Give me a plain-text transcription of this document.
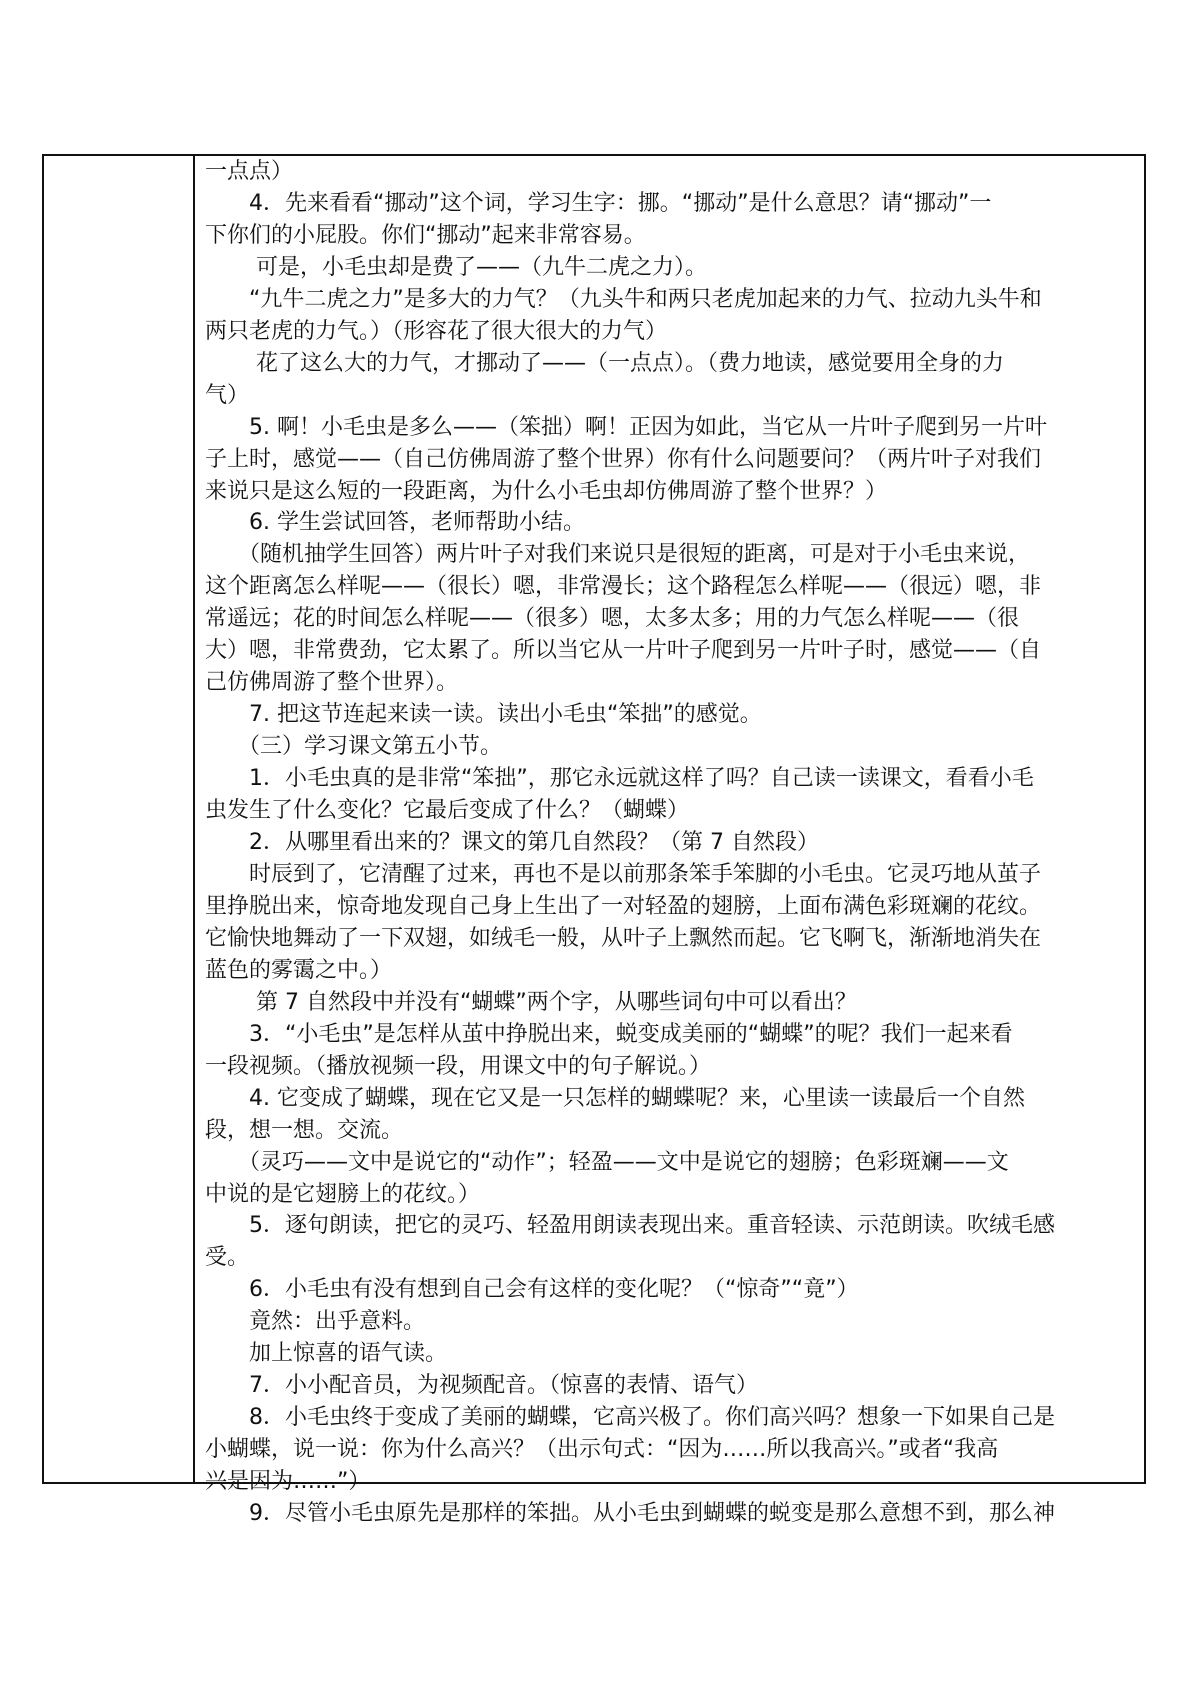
一点点）

　　4．先来看看“挪动”这个词，学习生字：挪。“挪动”是什么意思？请“挪动”一

下你们的小屁股。你们“挪动”起来非常容易。

　　 可是，小毛虫却是费了——（九牛二虎之力）。

　　“九牛二虎之力”是多大的力气？（九头牛和两只老虎加起来的力气、拉动九头牛和

两只老虎的力气。）（形容花了很大很大的力气）

　　 花了这么大的力气，才挪动了——（一点点）。（费力地读，感觉要用全身的力

气）

　　5. 啊！小毛虫是多么——（笨拙）啊！正因为如此，当它从一片叶子爬到另一片叶

子上时，感觉——（自己仿佛周游了整个世界）你有什么问题要问？（两片叶子对我们

来说只是这么短的一段距离，为什么小毛虫却仿佛周游了整个世界？）

　　6. 学生尝试回答，老师帮助小结。

　　（随机抽学生回答）两片叶子对我们来说只是很短的距离，可是对于小毛虫来说，

这个距离怎么样呢——（很长）嗯，非常漫长；这个路程怎么样呢——（很远）嗯，非

常遥远；花的时间怎么样呢——（很多）嗯，太多太多；用的力气怎么样呢——（很

大）嗯，非常费劲，它太累了。所以当它从一片叶子爬到另一片叶子时，感觉——（自

己仿佛周游了整个世界）。

　　7. 把这节连起来读一读。读出小毛虫“笨拙”的感觉。

　　（三）学习课文第五小节。

　　1．小毛虫真的是非常“笨拙”，那它永远就这样了吗？自己读一读课文，看看小毛

虫发生了什么变化？它最后变成了什么？（蝴蝶）

　　2．从哪里看出来的？课文的第几自然段？（第 7 自然段）

　　时辰到了，它清醒了过来，再也不是以前那条笨手笨脚的小毛虫。它灵巧地从茧子

里挣脱出来，惊奇地发现自己身上生出了一对轻盈的翅膀，上面布满色彩斑斓的花纹。

它愉快地舞动了一下双翅，如绒毛一般，从叶子上飘然而起。它飞啊飞，渐渐地消失在

蓝色的雾霭之中。）

　　 第 7 自然段中并没有“蝴蝶”两个字，从哪些词句中可以看出？

　　3．“小毛虫”是怎样从茧中挣脱出来，蜕变成美丽的“蝴蝶”的呢？我们一起来看

一段视频。（播放视频一段，用课文中的句子解说。）

　　4. 它变成了蝴蝶，现在它又是一只怎样的蝴蝶呢？来，心里读一读最后一个自然

段，想一想。交流。

　　（灵巧——文中是说它的“动作”；轻盈——文中是说它的翅膀；色彩斑斓——文

中说的是它翅膀上的花纹。）

　　5．逐句朗读，把它的灵巧、轻盈用朗读表现出来。重音轻读、示范朗读。吹绒毛感

受。

　　6．小毛虫有没有想到自己会有这样的变化呢？（“惊奇”“竟”）

　　竟然：出乎意料。

　　加上惊喜的语气读。

　　7．小小配音员，为视频配音。（惊喜的表情、语气）

　　8．小毛虫终于变成了美丽的蝴蝶，它高兴极了。你们高兴吗？想象一下如果自己是

小蝴蝶，说一说：你为什么高兴？（出示句式：“因为……所以我高兴。”或者“我高

兴是因为……”）

　　9．尽管小毛虫原先是那样的笨拙。从小毛虫到蝴蝶的蜕变是那么意想不到，那么神
